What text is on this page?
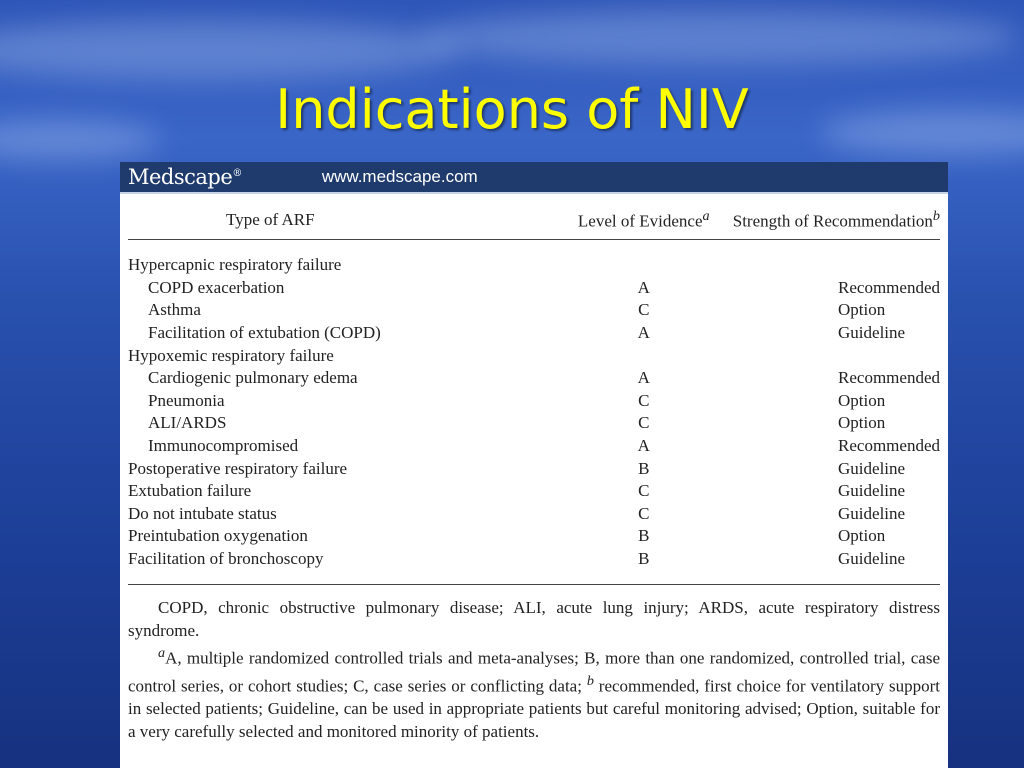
Indications of NIV
Medscape®	www.medscape.com
Type of ARF	Level of Evidence$^a$	Strength of Recommendation$^b$
Hypercapnic respiratory failure		
COPD exacerbation	A	Recommended
Asthma	C	Option
Facilitation of extubation (COPD)	A	Guideline
Hypoxemic respiratory failure		
Cardiogenic pulmonary edema	A	Recommended
Pneumonia	C	Option
ALI/ARDS	C	Option
Immunocompromised	A	Recommended
Postoperative respiratory failure	B	Guideline
Extubation failure	C	Guideline
Do not intubate status	C	Guideline
Preintubation oxygenation	B	Option
Facilitation of bronchoscopy	B	Guideline

COPD, chronic obstructive pulmonary disease; ALI, acute lung injury; ARDS, acute respiratory distress syndrome.

$^a$A, multiple randomized controlled trials and meta-analyses; B, more than one randomized, controlled trial, case control series, or cohort studies; C, case series or conflicting data; $^b$ recommended, first choice for ventilatory support in selected patients; Guideline, can be used in appropriate patients but careful monitoring advised; Option, suitable for a very carefully selected and monitored minority of patients.
